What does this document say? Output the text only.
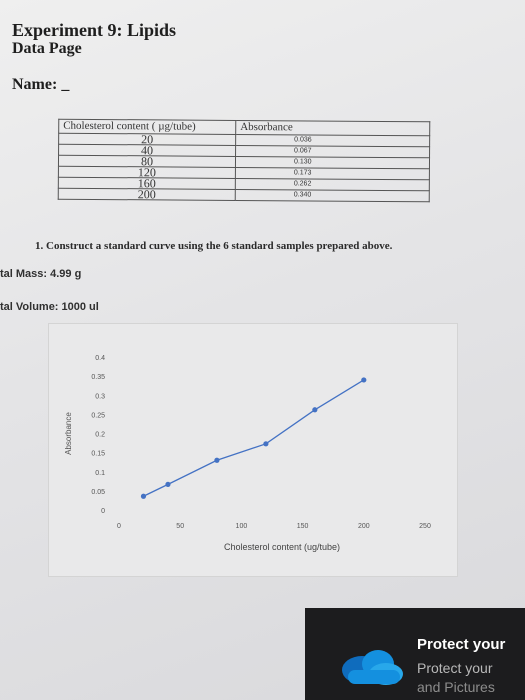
Experiment 9: Lipids
Data Page
Name: _
Cholesterol content ( µg/tube)	Absorbance
20	0.036
40	0.067
80	0.130
120	0.173
160	0.262
200	0.340
1. Construct a standard curve using the 6 standard samples prepared above.
tal Mass: 4.99 g
tal Volume: 1000 ul
0
0.05
0.1
0.15
0.2
0.25
0.3
0.35
0.4
0	50	100	150	200	250
Absorbance
Cholesterol content (ug/tube)
Protect your
Protect your
and Pictures
